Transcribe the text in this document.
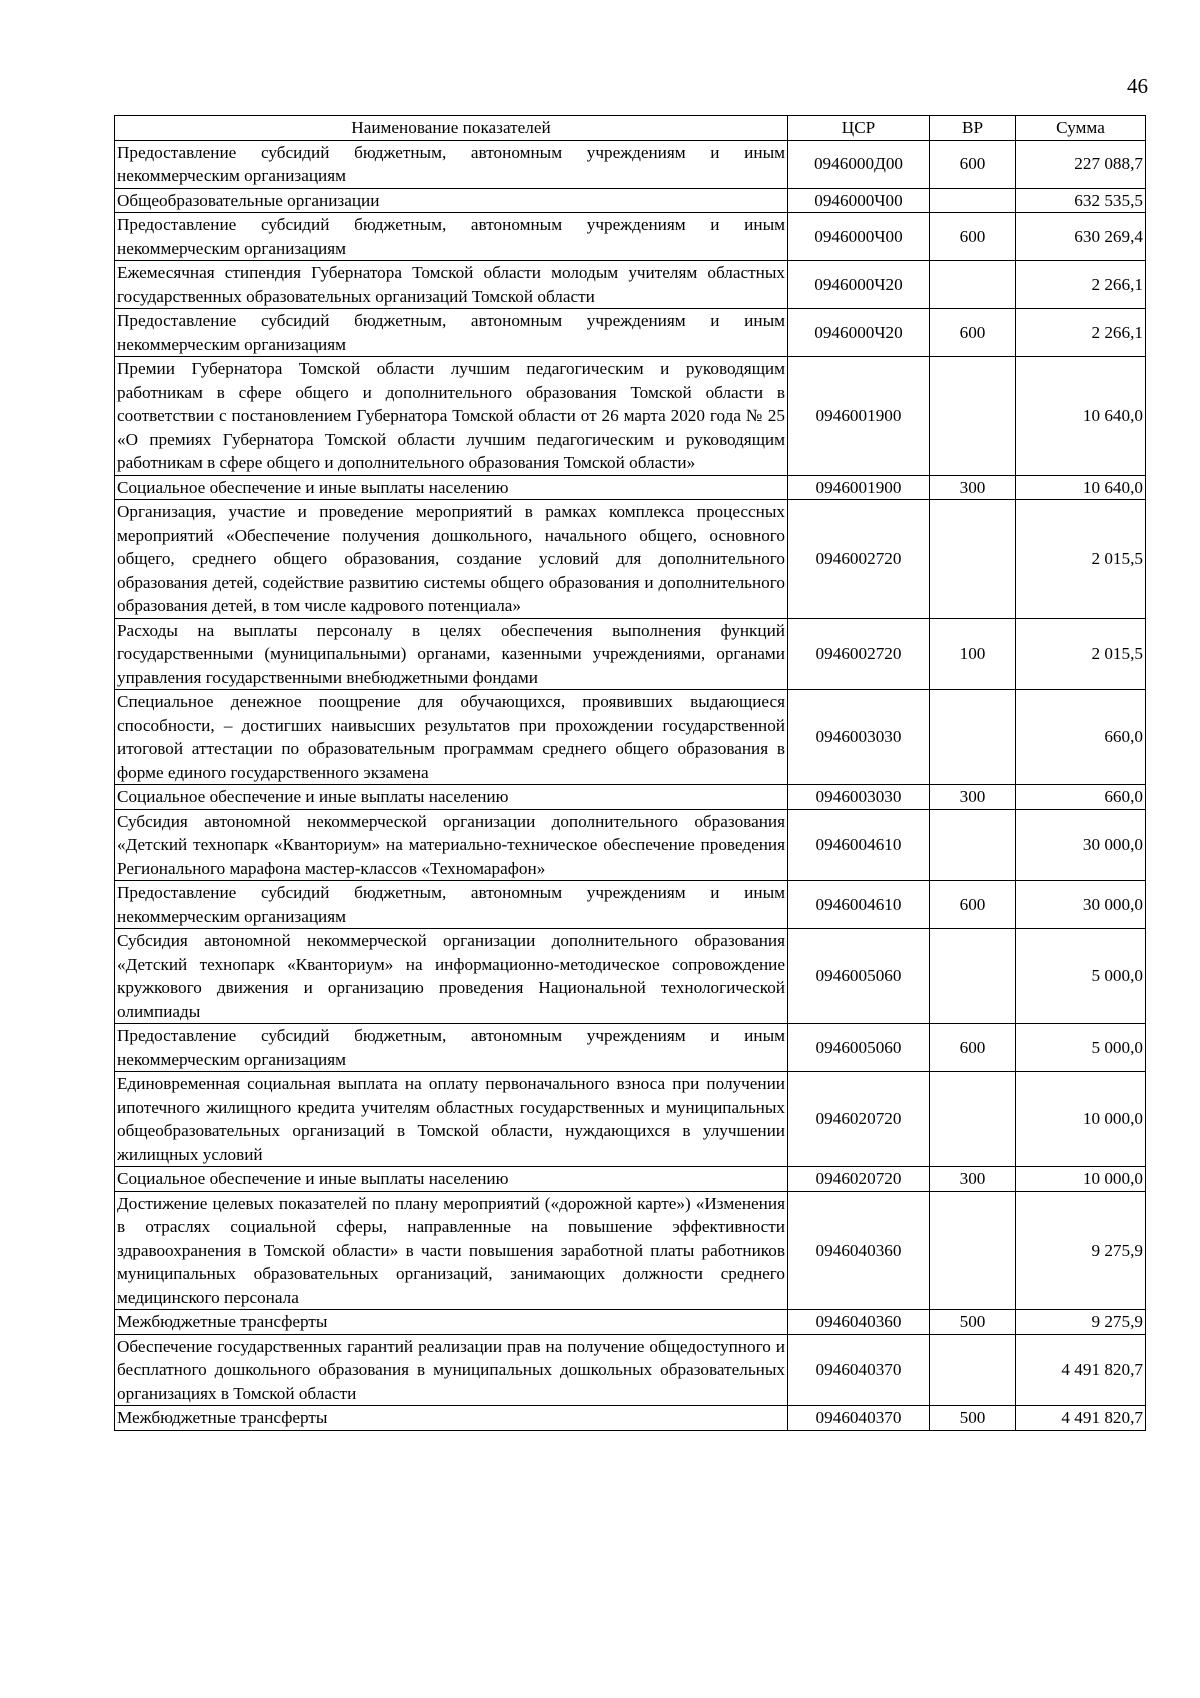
46
Наименование показателей	ЦСР	ВР	Сумма
Предоставление субсидий бюджетным, автономным учреждениям и иным некоммерческим организациям	0946000Д00	600	227 088,7
Общеобразовательные организации	0946000Ч00		632 535,5
Предоставление субсидий бюджетным, автономным учреждениям и иным некоммерческим организациям	0946000Ч00	600	630 269,4
Ежемесячная стипендия Губернатора Томской области молодым учителям областных государственных образовательных организаций Томской области	0946000Ч20		2 266,1
Предоставление субсидий бюджетным, автономным учреждениям и иным некоммерческим организациям	0946000Ч20	600	2 266,1
Премии Губернатора Томской области лучшим педагогическим и руководящим работникам в сфере общего и дополнительного образования Томской области в соответствии с постановлением Губернатора Томской области от 26 марта 2020 года № 25 «О премиях Губернатора Томской области лучшим педагогическим и руководящим работникам в сфере общего и дополнительного образования Томской области»	0946001900		10 640,0
Социальное обеспечение и иные выплаты населению	0946001900	300	10 640,0
Организация, участие и проведение мероприятий в рамках комплекса процессных мероприятий «Обеспечение получения дошкольного, начального общего, основного общего, среднего общего образования, создание условий для дополнительного образования детей, содействие развитию системы общего образования и дополнительного образования детей, в том числе кадрового потенциала»	0946002720		2 015,5
Расходы на выплаты персоналу в целях обеспечения выполнения функций государственными (муниципальными) органами, казенными учреждениями, органами управления государственными внебюджетными фондами	0946002720	100	2 015,5
Специальное денежное поощрение для обучающихся, проявивших выдающиеся способности, – достигших наивысших результатов при прохождении государственной итоговой аттестации по образовательным программам среднего общего образования в форме единого государственного экзамена	0946003030		660,0
Социальное обеспечение и иные выплаты населению	0946003030	300	660,0
Субсидия автономной некоммерческой организации дополнительного образования «Детский технопарк «Кванториум» на материально-техническое обеспечение проведения Регионального марафона мастер-классов «Техномарафон»	0946004610		30 000,0
Предоставление субсидий бюджетным, автономным учреждениям и иным некоммерческим организациям	0946004610	600	30 000,0
Субсидия автономной некоммерческой организации дополнительного образования «Детский технопарк «Кванториум» на информационно-методическое сопровождение кружкового движения и организацию проведения Национальной технологической олимпиады	0946005060		5 000,0
Предоставление субсидий бюджетным, автономным учреждениям и иным некоммерческим организациям	0946005060	600	5 000,0
Единовременная социальная выплата на оплату первоначального взноса при получении ипотечного жилищного кредита учителям областных государственных и муниципальных общеобразовательных организаций в Томской области, нуждающихся в улучшении жилищных условий	0946020720		10 000,0
Социальное обеспечение и иные выплаты населению	0946020720	300	10 000,0
Достижение целевых показателей по плану мероприятий («дорожной карте») «Изменения в отраслях социальной сферы, направленные на повышение эффективности здравоохранения в Томской области» в части повышения заработной платы работников муниципальных образовательных организаций, занимающих должности среднего медицинского персонала	0946040360		9 275,9
Межбюджетные трансферты	0946040360	500	9 275,9
Обеспечение государственных гарантий реализации прав на получение общедоступного и бесплатного дошкольного образования в муниципальных дошкольных образовательных организациях в Томской области	0946040370		4 491 820,7
Межбюджетные трансферты	0946040370	500	4 491 820,7
